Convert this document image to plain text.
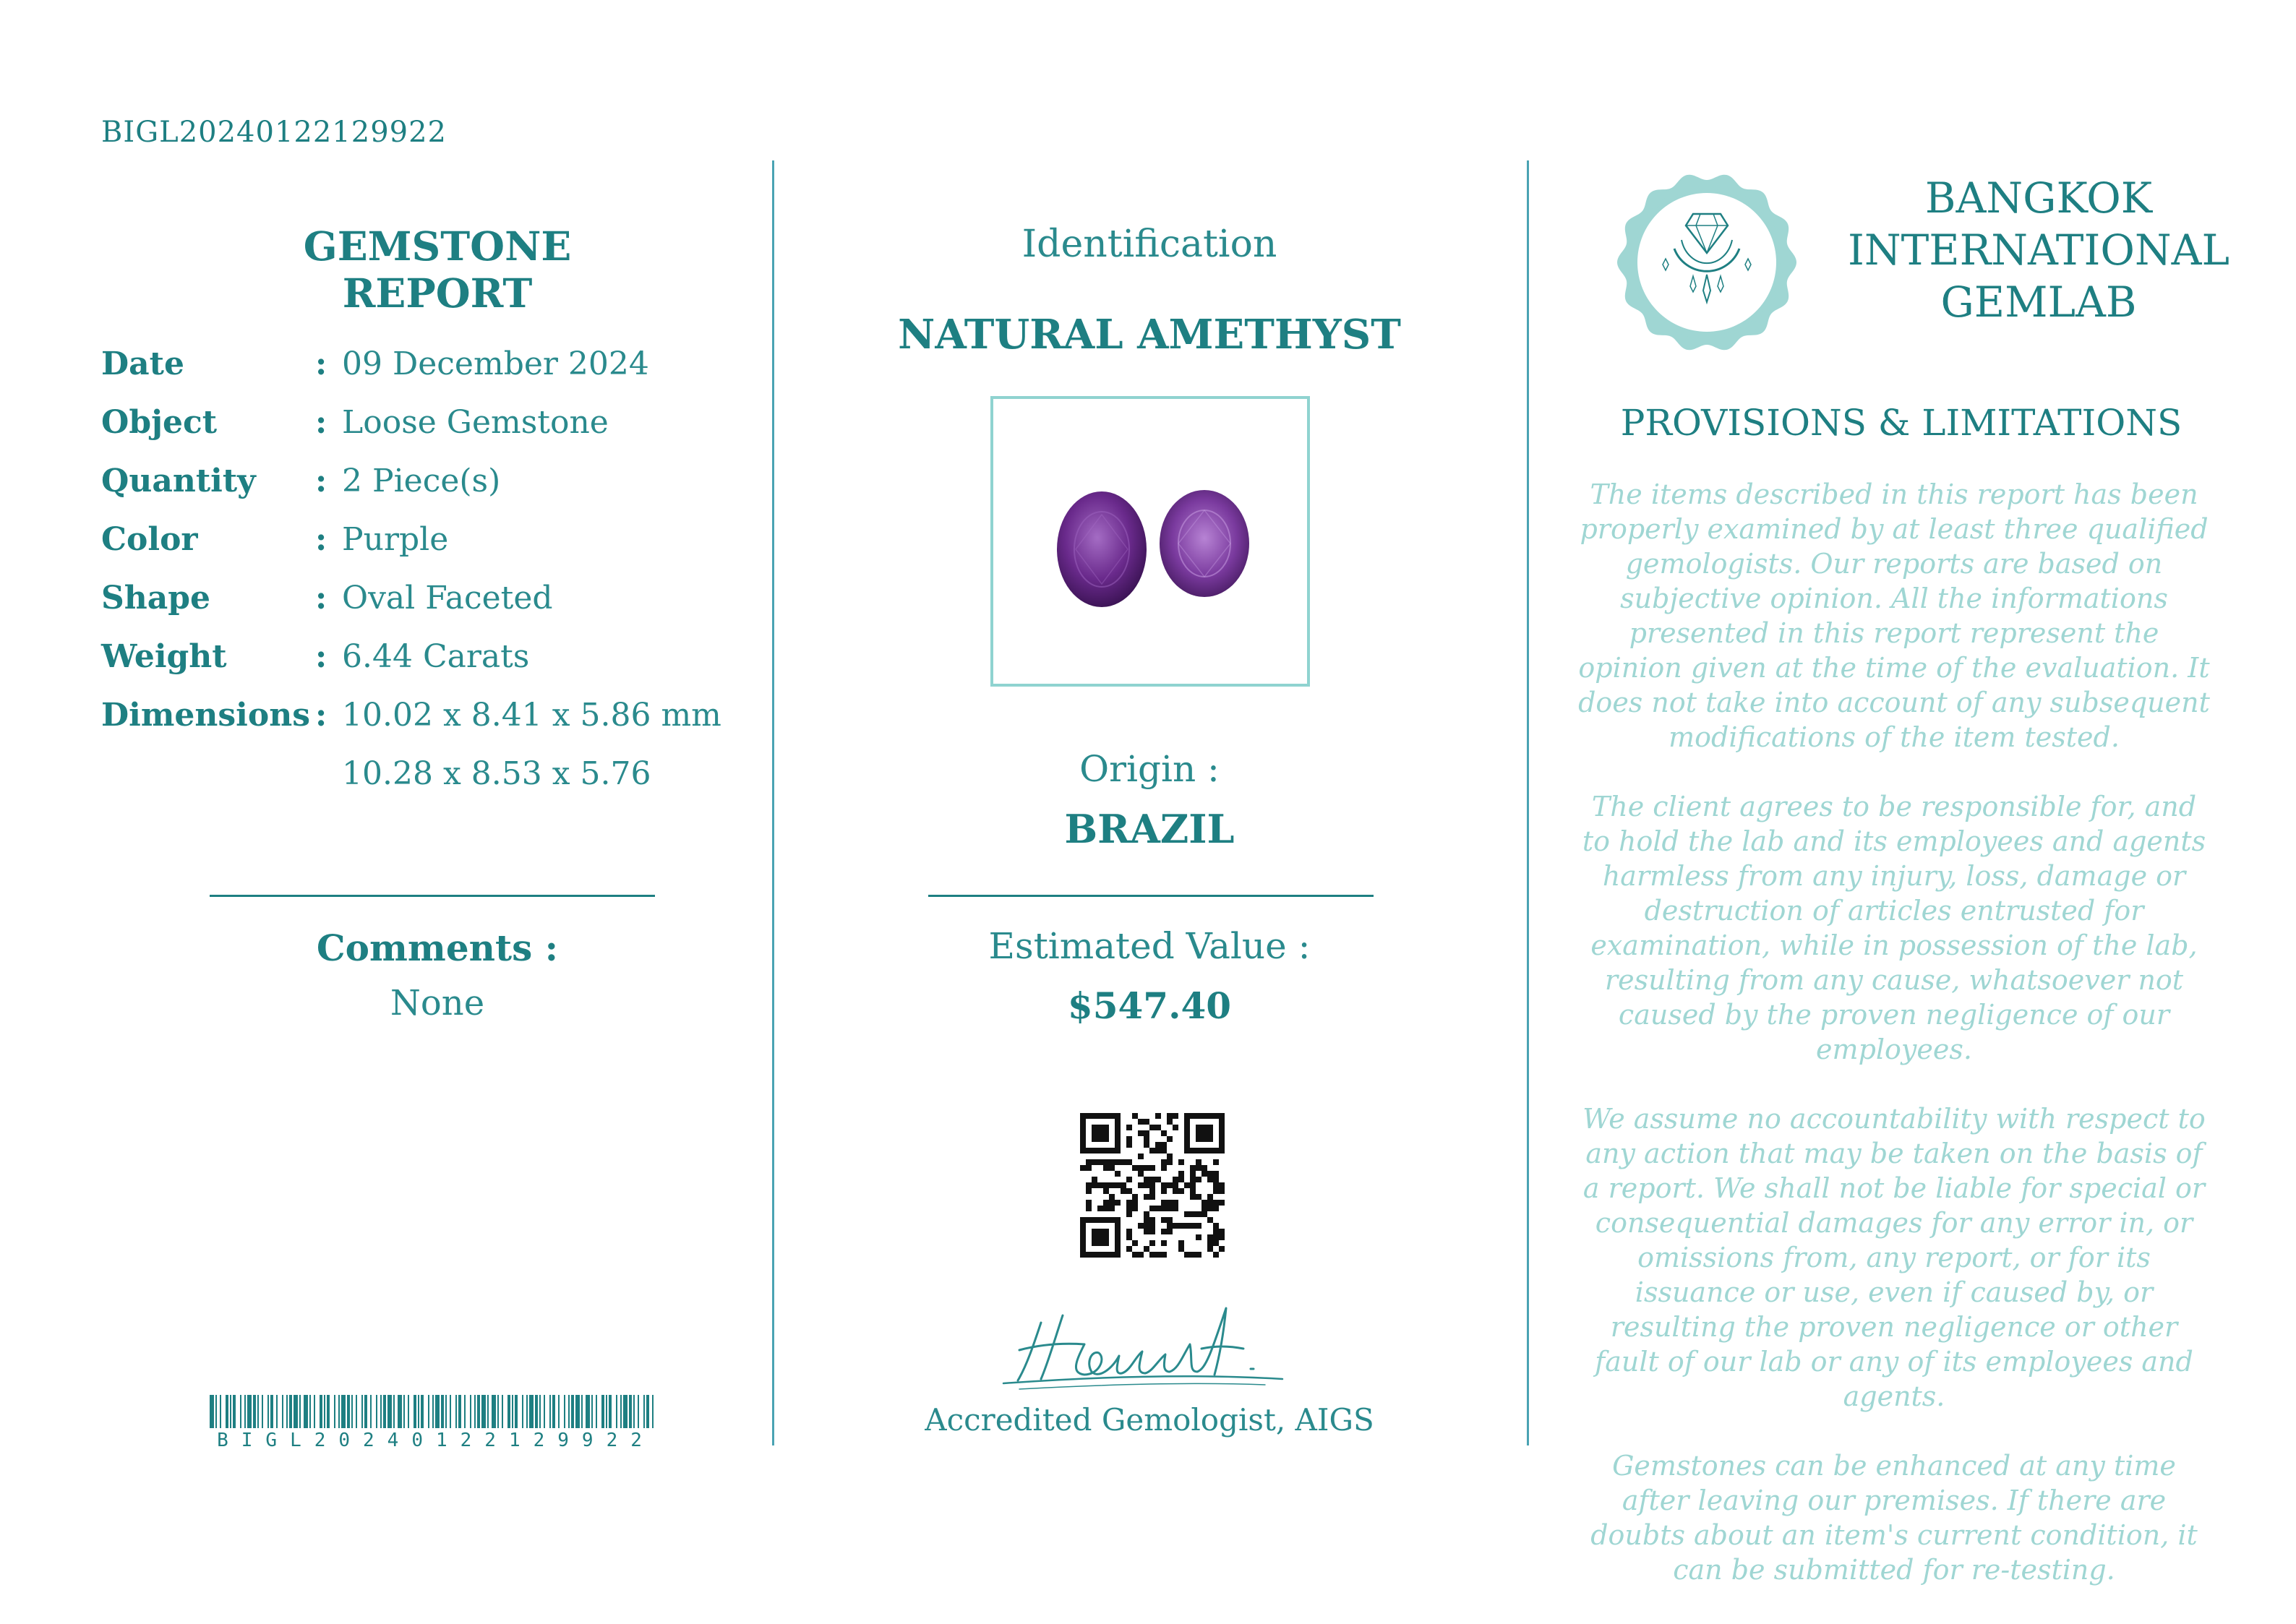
BIGL20240122129922
GEMSTONE REPORT
Date	: 09 December 2024
Object	: Loose Gemstone
Quantity : 2 Piece(s)
Color	: Purple
Shape	: Oval Faceted
Weight	: 6.44 Carats
Dimensions : 10.02 x 8.41 x 5.86 mm
10.28 x 8.53 x 5.76
Comments :
None
BIGL20240122129922
Identification
NATURAL AMETHYST
Origin :
BRAZIL
Estimated Value :
$547.40
Accredited Gemologist, AIGS
BANGKOK
INTERNATIONAL
GEMLAB
PROVISIONS & LIMITATIONS

The items described in this report has been properly examined by at least three qualified gemologists. Our reports are based on subjective opinion. All the informations presented in this report represent the opinion given at the time of the evaluation. It does not take into account of any subsequent modifications of the item tested.

The client agrees to be responsible for, and to hold the lab and its employees and agents harmless from any injury, loss, damage or destruction of articles entrusted for examination, while in possession of the lab, resulting from any cause, whatsoever not caused by the proven negligence of our employees.

We assume no accountability with respect to any action that may be taken on the basis of a report. We shall not be liable for special or consequential damages for any error in, or omissions from, any report, or for its issuance or use, even if caused by, or resulting the proven negligence or other fault of our lab or any of its employees and agents.

Gemstones can be enhanced at any time after leaving our premises. If there are doubts about an item's current condition, it can be submitted for re-testing.
